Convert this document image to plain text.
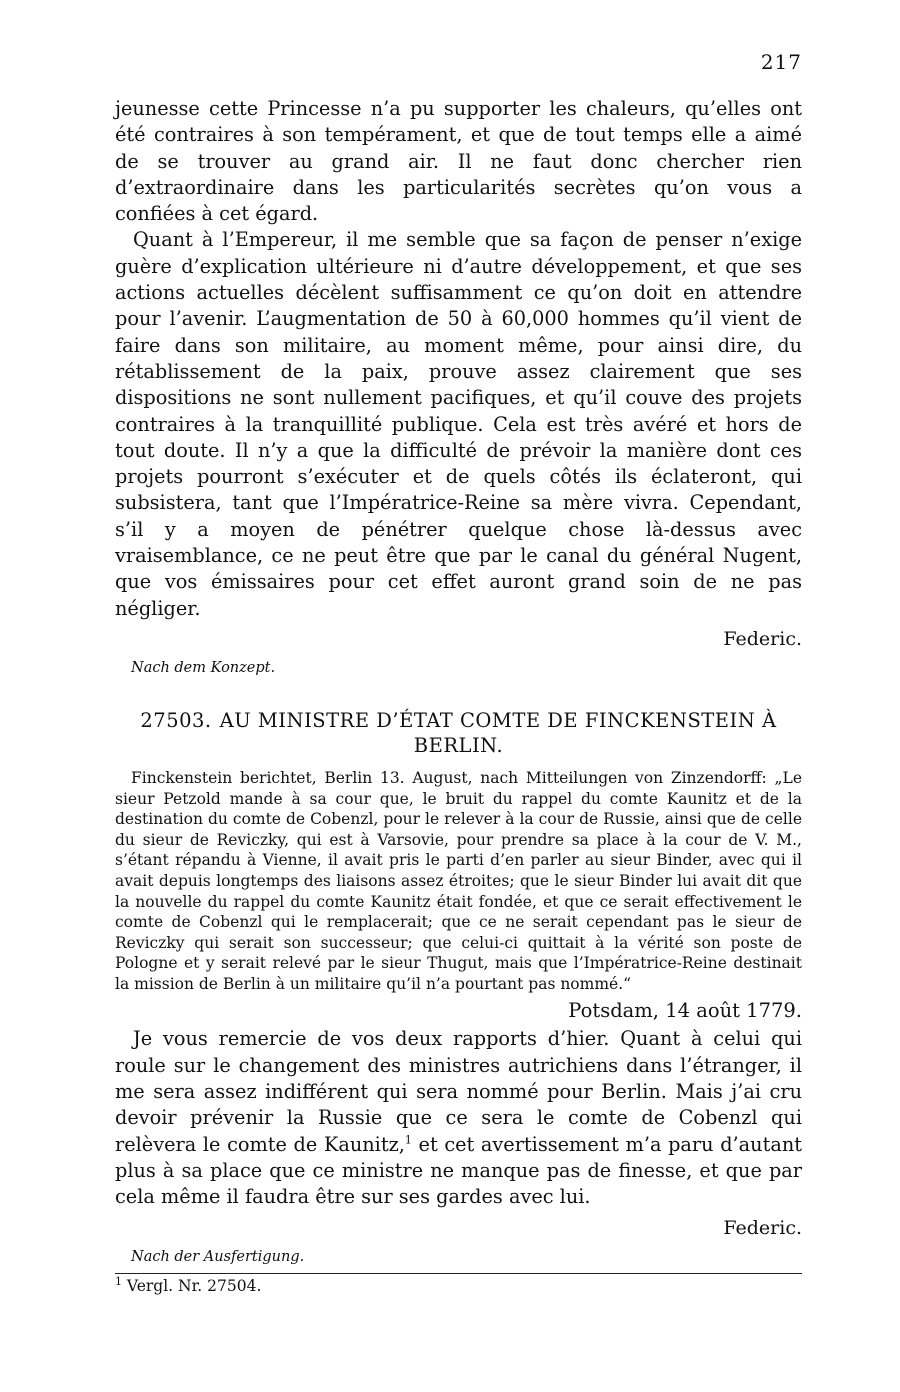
217

jeunesse cette Princesse n’a pu supporter les chaleurs, qu’elles ont été contraires à son tempérament, et que de tout temps elle a aimé de se trouver au grand air. Il ne faut donc chercher rien d’extraordinaire dans les particularités secrètes qu’on vous a confiées à cet égard.

Quant à l’Empereur, il me semble que sa façon de penser n’exige guère d’explication ultérieure ni d’autre développement, et que ses actions actuelles décèlent suffisamment ce qu’on doit en attendre pour l’avenir. L’augmentation de 50 à 60,000 hommes qu’il vient de faire dans son militaire, au moment même, pour ainsi dire, du rétablissement de la paix, prouve assez clairement que ses dispositions ne sont nullement pacifiques, et qu’il couve des projets contraires à la tranquillité publique. Cela est très avéré et hors de tout doute. Il n’y a que la difficulté de prévoir la manière dont ces projets pourront s’exécuter et de quels côtés ils éclateront, qui subsistera, tant que l’Impératrice-Reine sa mère vivra. Cependant, s’il y a moyen de pénétrer quelque chose là-dessus avec vraisemblance, ce ne peut être que par le canal du général Nugent, que vos émissaires pour cet effet auront grand soin de ne pas négliger.

Federic.
Nach dem Konzept.
27503. AU MINISTRE D’ÉTAT COMTE DE FINCKENSTEIN À BERLIN.

Finckenstein berichtet, Berlin 13. August, nach Mitteilungen von Zinzendorff: „Le sieur Petzold mande à sa cour que, le bruit du rappel du comte Kaunitz et de la destination du comte de Cobenzl, pour le relever à la cour de Russie, ainsi que de celle du sieur de Reviczky, qui est à Varsovie, pour prendre sa place à la cour de V. M., s’étant répandu à Vienne, il avait pris le parti d’en parler au sieur Binder, avec qui il avait depuis longtemps des liaisons assez étroites; que le sieur Binder lui avait dit que la nouvelle du rappel du comte Kaunitz était fondée, et que ce serait effectivement le comte de Cobenzl qui le remplacerait; que ce ne serait cependant pas le sieur de Reviczky qui serait son successeur; que celui-ci quittait à la vérité son poste de Pologne et y serait relevé par le sieur Thugut, mais que l’Impératrice-Reine destinait la mission de Berlin à un militaire qu’il n’a pourtant pas nommé.“

Potsdam, 14 août 1779.

Je vous remercie de vos deux rapports d’hier. Quant à celui qui roule sur le changement des ministres autrichiens dans l’étranger, il me sera assez indifférent qui sera nommé pour Berlin. Mais j’ai cru devoir prévenir la Russie que ce sera le comte de Cobenzl qui relèvera le comte de Kaunitz,$^1$ et cet avertissement m’a paru d’autant plus à sa place que ce ministre ne manque pas de finesse, et que par cela même il faudra être sur ses gardes avec lui.

Federic.
Nach der Ausfertigung.

$^1$ Vergl. Nr. 27504.
